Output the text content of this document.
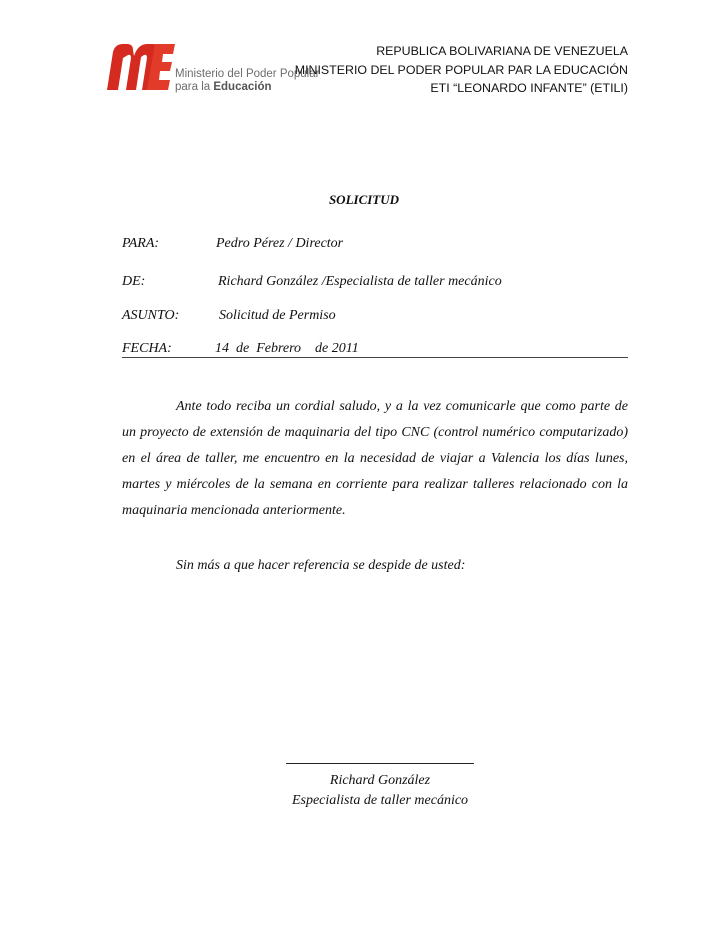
Ministerio del Poder Popular
para la Educación
REPUBLICA BOLIVARIANA DE VENEZUELA
MINISTERIO DEL PODER POPULAR PAR LA EDUCACIÓN
ETI “LEONARDO INFANTE” (ETILI)
SOLICITUD
PARA:	Pedro Pérez / Director
DE:	Richard González /Especialista de taller mecánico
ASUNTO:	Solicitud de Permiso
FECHA:	14  de  Febrero    de 2011

Ante todo reciba un cordial saludo, y a la vez comunicarle que como parte de un proyecto de extensión de maquinaria del tipo CNC (control numérico computarizado) en el área de taller, me encuentro en la necesidad de viajar a Valencia los días lunes, martes y miércoles de la semana en corriente para realizar talleres relacionado con la maquinaria mencionada anteriormente.

Sin más a que hacer referencia se despide de usted:
Richard González
Especialista de taller mecánico
